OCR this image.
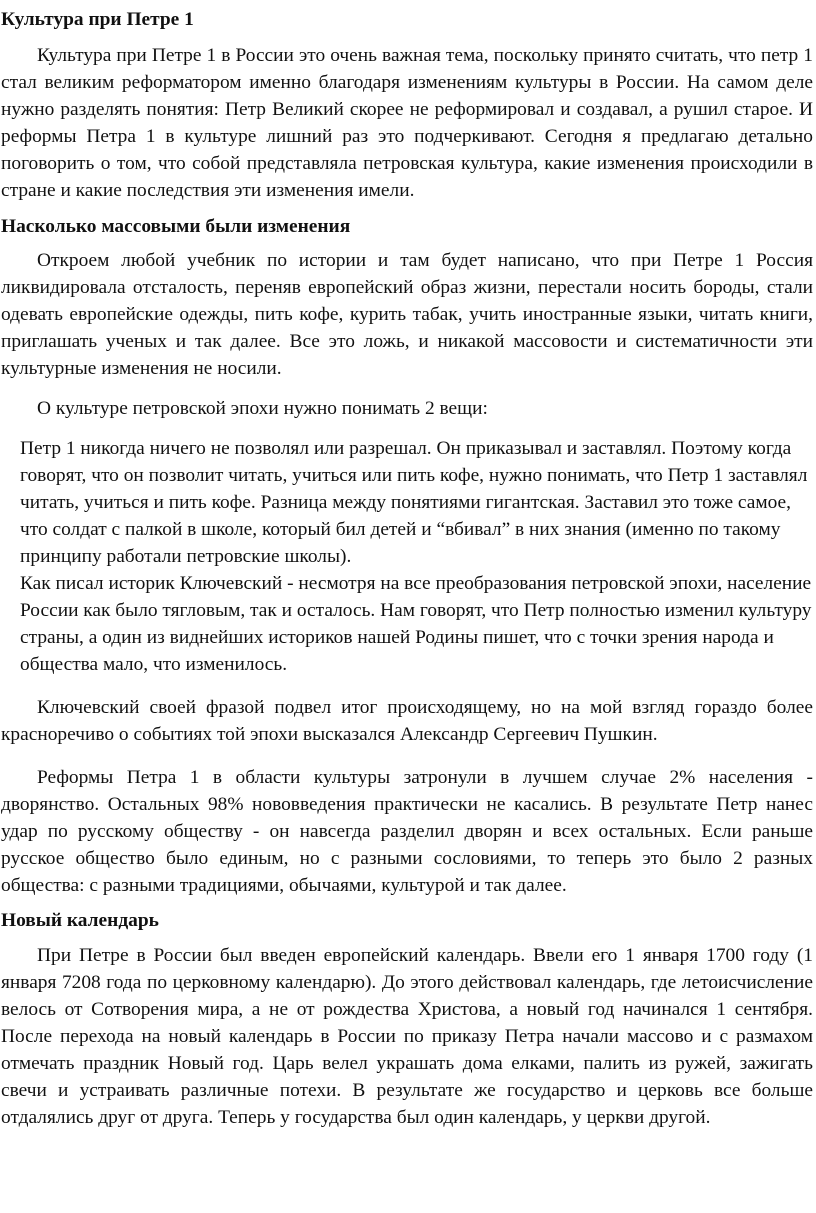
Культура при Петре 1

Культура при Петре 1 в России это очень важная тема, поскольку принято считать, что петр 1 стал великим реформатором именно благодаря изменениям культуры в России. На самом деле нужно разделять понятия: Петр Великий скорее не реформировал и создавал, а рушил старое. И реформы Петра 1 в культуре лишний раз это подчеркивают. Сегодня я предлагаю детально поговорить о том, что собой представляла петровская культура, какие изменения происходили в стране и какие последствия эти изменения имели.

Насколько массовыми были изменения

Откроем любой учебник по истории и там будет написано, что при Петре 1 Россия ликвидировала отсталость, переняв европейский образ жизни, перестали носить бороды, стали одевать европейские одежды, пить кофе, курить табак, учить иностранные языки, читать книги, приглашать ученых и так далее. Все это ложь, и никакой массовости и систематичности эти культурные изменения не носили.

О культуре петровской эпохи нужно понимать 2 вещи:

Петр 1 никогда ничего не позволял или разрешал. Он приказывал и заставлял. Поэтому когда говорят, что он позволит читать, учиться или пить кофе, нужно понимать, что Петр 1 заставлял читать, учиться и пить кофе. Разница между понятиями гигантская. Заставил это тоже самое, что солдат с палкой в школе, который бил детей и “вбивал” в них знания (именно по такому принципу работали петровские школы).

Как писал историк Ключевский - несмотря на все преобразования петровской эпохи, население России как было тягловым, так и осталось. Нам говорят, что Петр полностью изменил культуру страны, а один из виднейших историков нашей Родины пишет, что с точки зрения народа и общества мало, что изменилось.

Ключевский своей фразой подвел итог происходящему, но на мой взгляд гораздо более красноречиво о событиях той эпохи высказался Александр Сергеевич Пушкин.

Реформы Петра 1 в области культуры затронули в лучшем случае 2% населения - дворянство. Остальных 98% нововведения практически не касались. В результате Петр нанес удар по русскому обществу - он навсегда разделил дворян и всех остальных. Если раньше русское общество было единым, но с разными сословиями, то теперь это было 2 разных общества: с разными традициями, обычаями, культурой и так далее.

Новый календарь

При Петре в России был введен европейский календарь. Ввели его 1 января 1700 году (1 января 7208 года по церковному календарю). До этого действовал календарь, где летоисчисление велось от Сотворения мира, а не от рождества Христова, а новый год начинался 1 сентября. После перехода на новый календарь в России по приказу Петра начали массово и с размахом отмечать праздник Новый год. Царь велел украшать дома елками, палить из ружей, зажигать свечи и устраивать различные потехи. В результате же государство и церковь все больше отдалялись друг от друга. Теперь у государства был один календарь, у церкви другой.
